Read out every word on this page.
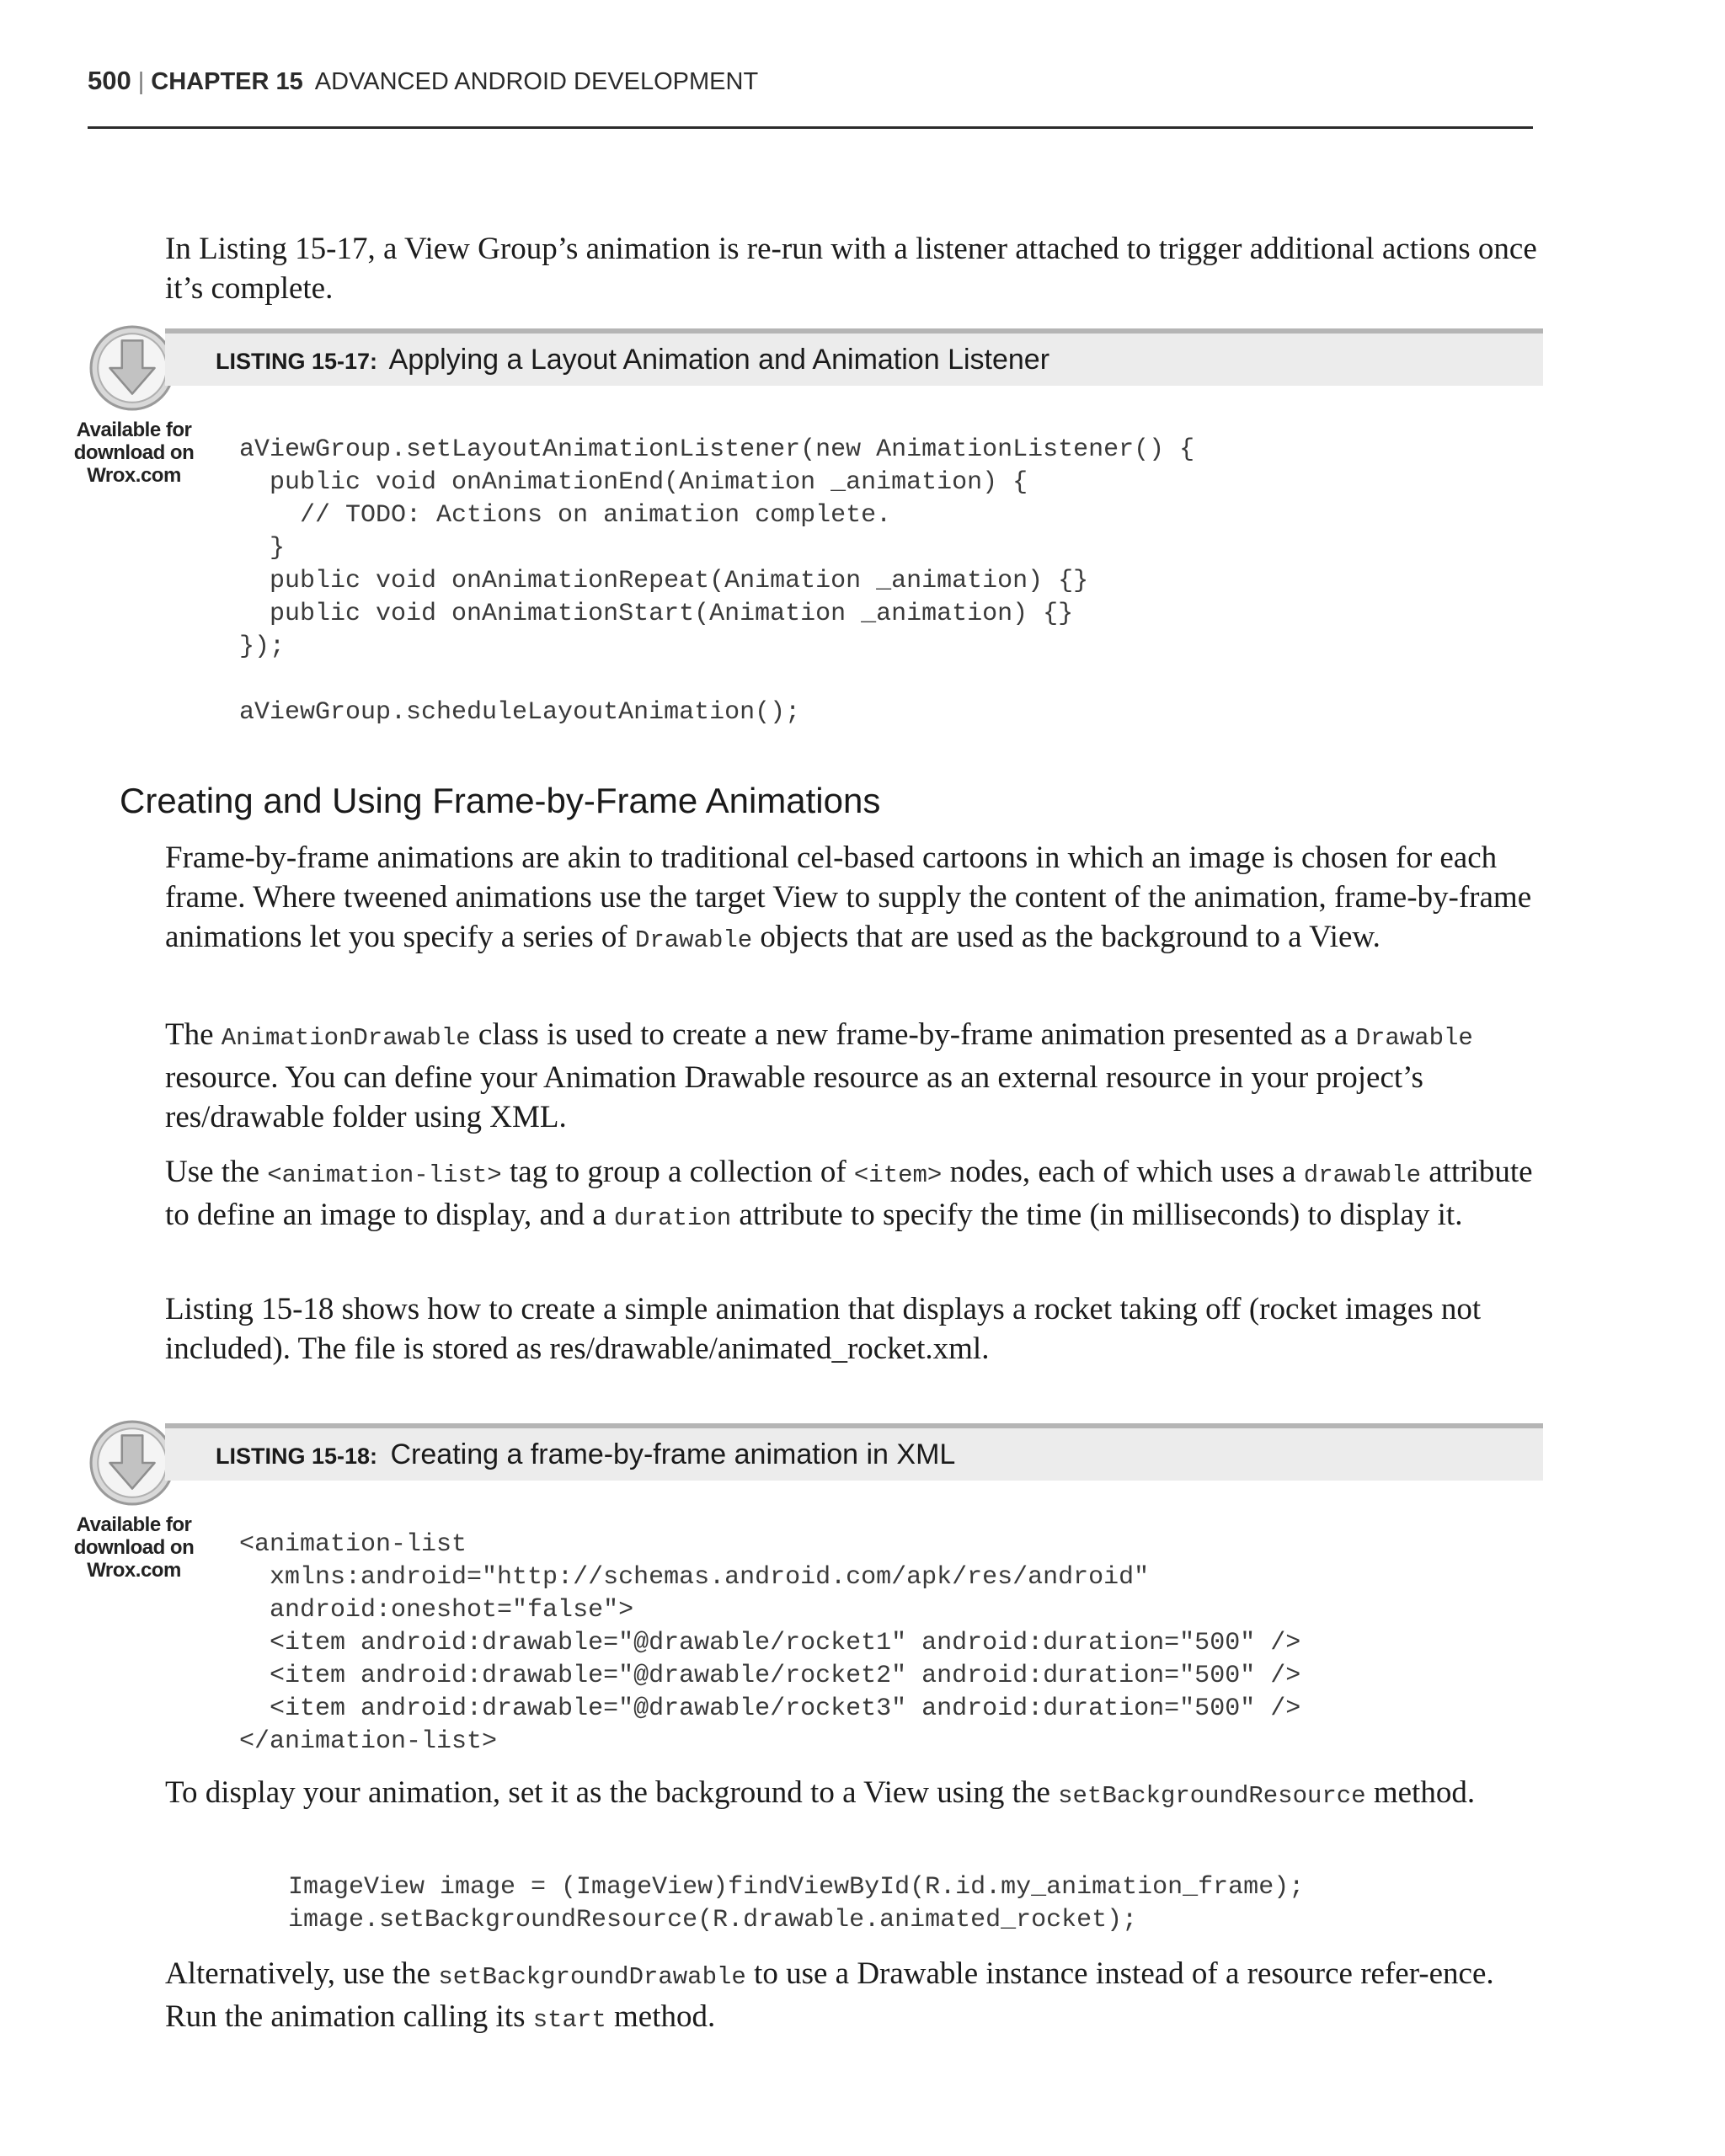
500 | CHAPTER 15 ADVANCED ANDROID DEVELOPMENT

In Listing 15-17, a View Group’s animation is re-run with a listener attached to trigger additional actions once it’s complete.

LISTING 15-17: Applying a Layout Animation and Animation Listener
Available for
download on
Wrox.com
aViewGroup.setLayoutAnimationListener(new AnimationListener() {
public void onAnimationEnd(Animation _animation) {
// TODO: Actions on animation complete.
}
public void onAnimationRepeat(Animation _animation) {}
public void onAnimationStart(Animation _animation) {}
});

aViewGroup.scheduleLayoutAnimation();
Creating and Using Frame-by-Frame Animations

Frame-by-frame animations are akin to traditional cel-based cartoons in which an image is chosen for each frame. Where tweened animations use the target View to supply the content of the animation, frame-by-frame animations let you specify a series of Drawable objects that are used as the background to a View.

The AnimationDrawable class is used to create a new frame-by-frame animation presented as a Drawable resource. You can define your Animation Drawable resource as an external resource in your project’s res/drawable folder using XML.

Use the <animation-list> tag to group a collection of <item> nodes, each of which uses a drawable attribute to define an image to display, and a duration attribute to specify the time (in milliseconds) to display it.

Listing 15-18 shows how to create a simple animation that displays a rocket taking off (rocket images not included). The file is stored as res/drawable/animated_rocket.xml.

LISTING 15-18: Creating a frame-by-frame animation in XML
Available for
download on
Wrox.com
<animation-list
xmlns:android="http://schemas.android.com/apk/res/android"
android:oneshot="false">
<item android:drawable="@drawable/rocket1" android:duration="500" />
<item android:drawable="@drawable/rocket2" android:duration="500" />
<item android:drawable="@drawable/rocket3" android:duration="500" />
</animation-list>

To display your animation, set it as the background to a View using the setBackgroundResource method.

ImageView image = (ImageView)findViewById(R.id.my_animation_frame);
image.setBackgroundResource(R.drawable.animated_rocket);

Alternatively, use the setBackgroundDrawable to use a Drawable instance instead of a resource refer-ence. Run the animation calling its start method.
